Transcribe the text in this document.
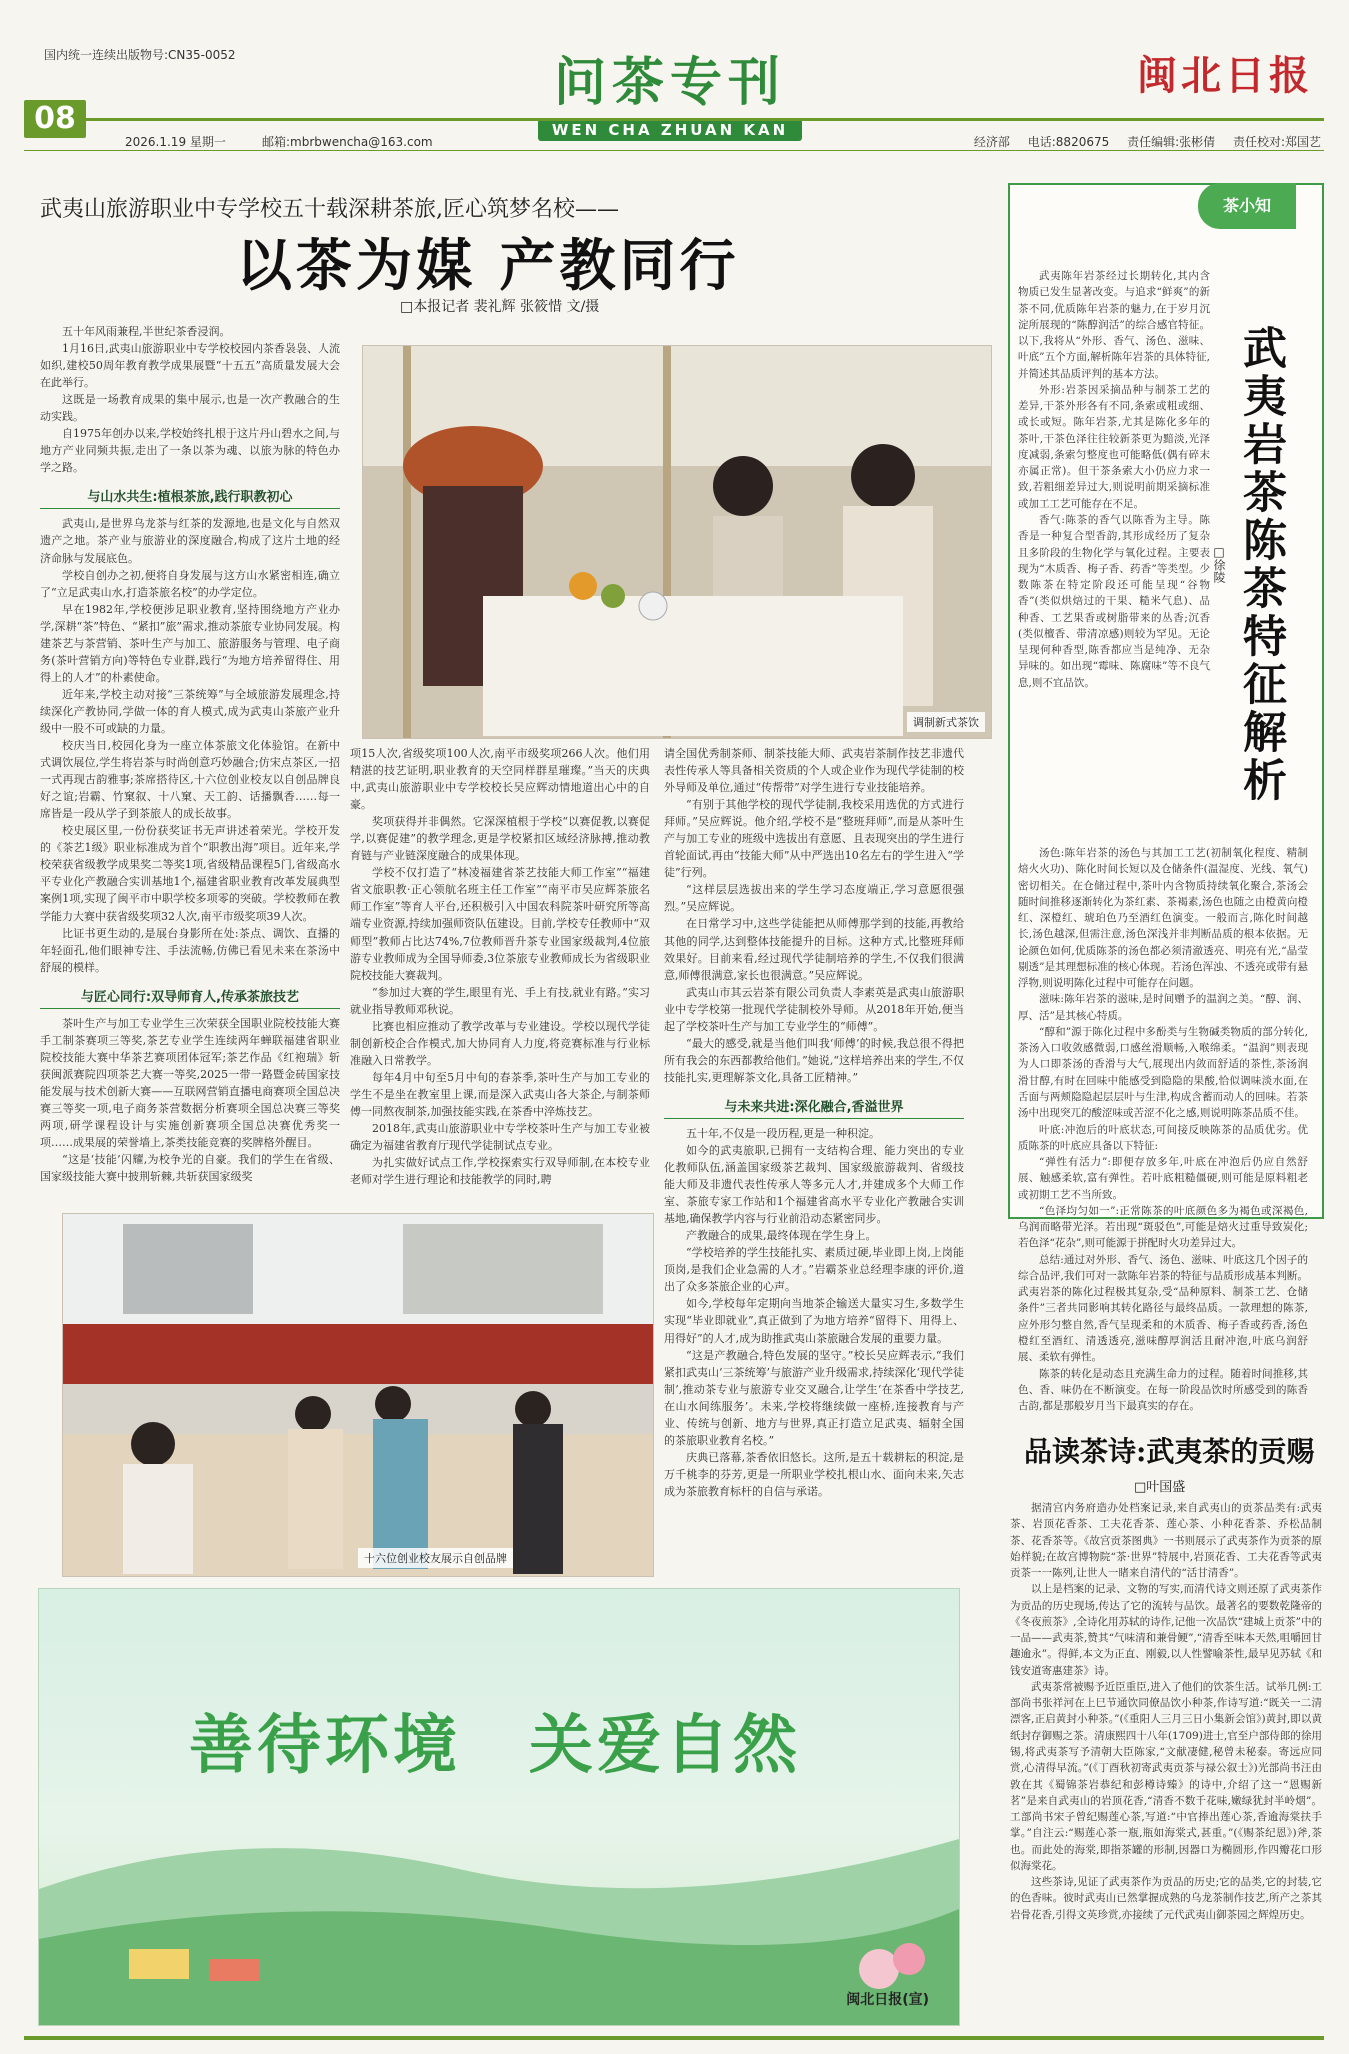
国内统一连续出版物号:CN35-0052	问茶专刊
WEN CHA ZHUAN KAN
闽北日报
08
2026.1.19 星期一	邮箱:mbrbwencha@163.com	经济部 电话:8820675 责任编辑:张彬倩 责任校对:郑国艺
武夷山旅游职业中专学校五十载深耕茶旅,匠心筑梦名校——
以茶为媒 产教同行
□本报记者 裴礼辉 张筱惜 文/摄
调制新式茶饮

五十年风雨兼程,半世纪茶香浸润。

1月16日,武夷山旅游职业中专学校校园内茶香袅袅、人流如织,建校50周年教育教学成果展暨“十五五”高质量发展大会在此举行。

这既是一场教育成果的集中展示,也是一次产教融合的生动实践。

自1975年创办以来,学校始终扎根于这片丹山碧水之间,与地方产业同频共振,走出了一条以茶为魂、以旅为脉的特色办学之路。

与山水共生:植根茶旅,践行职教初心

武夷山,是世界乌龙茶与红茶的发源地,也是文化与自然双遗产之地。茶产业与旅游业的深度融合,构成了这片土地的经济命脉与发展底色。

学校自创办之初,便将自身发展与这方山水紧密相连,确立了“立足武夷山水,打造茶旅名校”的办学定位。

早在1982年,学校便涉足职业教育,坚持围绕地方产业办学,深耕“茶”特色、“紧扣”旅”需求,推动茶旅专业协同发展。构建茶艺与茶营销、茶叶生产与加工、旅游服务与管理、电子商务(茶叶营销方向)等特色专业群,践行“为地方培养留得住、用得上的人才”的朴素使命。

近年来,学校主动对接“三茶统筹”与全域旅游发展理念,持续深化产教协同,学做一体的育人模式,成为武夷山茶旅产业升级中一股不可或缺的力量。

校庆当日,校园化身为一座立体茶旅文化体验馆。在新中式调饮展位,学生将岩茶与时尚创意巧妙融合;仿宋点茶区,一招一式再现古韵雅事;茶席搭待区,十六位创业校友以自创品牌良好之谊;岩霸、竹窠叙、十八窠、天工韵、话播飘香……每一席皆是一段从学子到茶旅人的成长故事。

校史展区里,一份份获奖证书无声讲述着荣光。学校开发的《茶艺1级》职业标准成为首个“职教出海”项目。近年来,学校荣获省级教学成果奖二等奖1项,省级精品课程5门,省级高水平专业化产教融合实训基地1个,福建省职业教育改革发展典型案例1项,实现了闽平市中职学校多项零的突破。学校教师在教学能力大赛中获省级奖项32人次,南平市级奖项39人次。

比证书更生动的,是展台身影所在处:茶点、调饮、直播的年轻面孔,他们眼神专注、手法流畅,仿佛已看见未来在茶汤中舒展的模样。

与匠心同行:双导师育人,传承茶旅技艺

茶叶生产与加工专业学生三次荣获全国职业院校技能大赛手工制茶赛项三等奖,茶艺专业学生连续两年蝉联福建省职业院校技能大赛中华茶艺赛项团体冠军;茶艺作品《红袍瑞》斩获闽派赛院四项茶艺大赛一等奖,2025一带一路暨金砖国家技能发展与技术创新大赛——互联网营销直播电商赛项全国总决赛三等奖一项,电子商务茶营数据分析赛项全国总决赛三等奖两项,研学课程设计与实施创新赛项全国总决赛优秀奖一项……成果展的荣誉墙上,茶类技能竞赛的奖牌格外醒目。

“这是‘技能’闪耀,为校争光的自豪。我们的学生在省级、国家级技能大赛中披荆斩棘,共斩获国家级奖

项15人次,省级奖项100人次,南平市级奖项266人次。他们用精湛的技艺证明,职业教育的天空同样群星璀璨。”当天的庆典中,武夷山旅游职业中专学校校长吴应辉动情地道出心中的自豪。

奖项获得并非偶然。它深深植根于学校“以赛促教,以赛促学,以赛促建”的教学理念,更是学校紧扣区域经济脉搏,推动教育链与产业链深度融合的成果体现。

学校不仅打造了“林凌福建省茶艺技能大师工作室”“福建省文旅职教·正心领航名班主任工作室”“南平市吴应辉茶旅名师工作室”等育人平台,还积极引入中国农科院茶叶研究所等高端专业资源,持续加强师资队伍建设。目前,学校专任教师中“双师型”教师占比达74%,7位教师晋升茶专业国家级裁判,4位旅游专业教师成为全国导师委,3位茶旅专业教师成长为省级职业院校技能大赛裁判。

“参加过大赛的学生,眼里有光、手上有技,就业有路。”实习就业指导教师邓秋说。

比赛也相应推动了教学改革与专业建设。学校以现代学徒制创新校企合作模式,加大协同育人力度,将竞赛标准与行业标准融入日常教学。

每年4月中旬至5月中旬的春茶季,茶叶生产与加工专业的学生不是坐在教室里上课,而是深入武夷山各大茶企,与制茶师傅一同熬夜制茶,加强技能实践,在茶香中淬炼技艺。

2018年,武夷山旅游职业中专学校茶叶生产与加工专业被确定为福建省教育厅现代学徒制试点专业。

为扎实做好试点工作,学校探索实行双导师制,在本校专业老师对学生进行理论和技能教学的同时,聘

请全国优秀制茶师、制茶技能大师、武夷岩茶制作技艺非遗代表性传承人等具备相关资质的个人或企业作为现代学徒制的校外导师及单位,通过“传帮带”对学生进行专业技能培养。

“有别于其他学校的现代学徒制,我校采用选优的方式进行拜师。”吴应辉说。他介绍,学校不是“整班拜师”,而是从茶叶生产与加工专业的班级中选拔出有意愿、且表现突出的学生进行首轮面试,再由“技能大师”从中严选出10名左右的学生进入“学徒”行列。

“这样层层选拔出来的学生学习态度端正,学习意愿很强烈。”吴应辉说。

在日常学习中,这些学徒能把从师傅那学到的技能,再教给其他的同学,达到整体技能提升的目标。这种方式,比整班拜师效果好。目前来看,经过现代学徒制培养的学生,不仅我们很满意,师傅很满意,家长也很满意。”吴应辉说。

武夷山市其云岩茶有限公司负责人李素英是武夷山旅游职业中专学校第一批现代学徒制校外导师。从2018年开始,便当起了学校茶叶生产与加工专业学生的“师傅”。

“最大的感受,就是当他们叫我‘师傅’的时候,我总很不得把所有我会的东西都教给他们。”她说,“这样培养出来的学生,不仅技能扎实,更理解茶文化,具备工匠精神。”

与未来共进:深化融合,香溢世界

五十年,不仅是一段历程,更是一种积淀。

如今的武夷旅职,已拥有一支结构合理、能力突出的专业化教师队伍,涵盖国家级茶艺裁判、国家级旅游裁判、省级技能大师及非遗代表性传承人等多元人才,并建成多个大师工作室、茶旅专家工作站和1个福建省高水平专业化产教融合实训基地,确保教学内容与行业前沿动态紧密同步。

产教融合的成果,最终体现在学生身上。

“学校培养的学生技能扎实、素质过硬,毕业即上岗,上岗能顶岗,是我们企业急需的人才。”岩霸茶业总经理李康的评价,道出了众多茶旅企业的心声。

如今,学校每年定期向当地茶企输送大量实习生,多数学生实现“毕业即就业”,真正做到了为地方培养“留得下、用得上、用得好”的人才,成为助推武夷山茶旅融合发展的重要力量。

“这是产教融合,特色发展的坚守。”校长吴应辉表示,“我们紧扣武夷山‘三茶统筹’与旅游产业升级需求,持续深化‘现代学徒制’,推动茶专业与旅游专业交叉融合,让学生‘在茶香中学技艺,在山水间练服务’。未来,学校将继续做一座桥,连接教育与产业、传统与创新、地方与世界,真正打造立足武夷、辐射全国的茶旅职业教育名校。”

庆典已落幕,茶香依旧悠长。这所,是五十载耕耘的积淀,是万千桃李的芬芳,更是一所职业学校扎根山水、面向未来,矢志成为茶旅教育标杆的自信与承诺。

十六位创业校友展示自创品牌
茶小知
武夷岩茶陈茶特征解析
□徐陵

武夷陈年岩茶经过长期转化,其内含物质已发生显著改变。与追求“鲜爽”的新茶不同,优质陈年岩茶的魅力,在于岁月沉淀所展现的“陈醇润活”的综合感官特征。以下,我将从“外形、香气、汤色、滋味、叶底”五个方面,解析陈年岩茶的具体特征,并简述其品质评判的基本方法。

外形:岩茶因采摘品种与制茶工艺的差异,干茶外形各有不同,条索或粗或细、或长或短。陈年岩茶,尤其是陈化多年的茶叶,干茶色泽往往较新茶更为黯淡,光泽度减弱,条索匀整度也可能略低(偶有碎末亦属正常)。但干茶条索大小仍应力求一致,若粗细差异过大,则说明前期采摘标准或加工工艺可能存在不足。

香气:陈茶的香气以陈香为主导。陈香是一种复合型香韵,其形成经历了复杂且多阶段的生物化学与氧化过程。主要表现为“木质香、梅子香、药香”等类型。少数陈茶在特定阶段还可能呈现“谷物香”(类似烘焙过的干果、糙米气息)、品种香、工艺果香或树脂带来的丛香;沉香(类似檀香、带清凉感)则较为罕见。无论呈现何种香型,陈香都应当是纯净、无杂异味的。如出现“霉味、陈腐味”等不良气息,则不宜品饮。

汤色:陈年岩茶的汤色与其加工工艺(初制氧化程度、精制焙火火功)、陈化时间长短以及仓储条件(温湿度、光线、氧气)密切相关。在仓储过程中,茶叶内含物质持续氧化聚合,茶汤会随时间推移逐渐转化为茶红素、茶褐素,汤色也随之由橙黄向橙红、深橙红、琥珀色乃至酒红色演变。一般而言,陈化时间越长,汤色越深,但需注意,汤色深浅并非判断品质的根本依据。无论颜色如何,优质陈茶的汤色都必须清澈透亮、明亮有光,“晶莹剔透”是其理想标准的核心体现。若汤色浑浊、不透亮或带有悬浮物,则说明陈化过程中可能存在问题。

滋味:陈年岩茶的滋味,是时间赠予的温润之美。“醇、润、厚、活”是其核心特质。

“醇和”源于陈化过程中多酚类与生物碱类物质的部分转化,茶汤入口收敛感微弱,口感丝滑顺畅,入喉绵柔。“温润”则表现为人口即茶汤的香滑与大气,展现出内敛而舒适的茶性,茶汤润滑甘醇,有时在回味中能感受到隐隐的果酸,恰似调味淡水面,在舌面与两颊隐隐起层层叶与生津,构成含蓄而动人的回味。若茶汤中出现突兀的酸涩味或苦涩不化之感,则说明陈茶品质不佳。

叶底:冲泡后的叶底状态,可间接反映陈茶的品质优劣。优质陈茶的叶底应具备以下特征:

“弹性有活力”:即便存放多年,叶底在冲泡后仍应自然舒展、触感柔软,富有弹性。若叶底粗糙僵硬,则可能是原料粗老或初期工艺不当所致。

“色泽均匀如一”:正常陈茶的叶底颜色多为褐色或深褐色,乌润而略带光泽。若出现“斑驳色”,可能是焙火过重导致炭化;若色泽“花杂”,则可能源于拼配时火功差异过大。

总结:通过对外形、香气、汤色、滋味、叶底这几个因子的综合品评,我们可对一款陈年岩茶的特征与品质形成基本判断。武夷岩茶的陈化过程极其复杂,受“品种原料、制茶工艺、仓储条件”三者共同影响其转化路径与最终品质。一款理想的陈茶,应外形匀整自然,香气呈现柔和的木质香、梅子香或药香,汤色橙红至酒红、清透透亮,滋味醇厚润活且耐冲泡,叶底乌润舒展、柔软有弹性。

陈茶的转化是动态且充满生命力的过程。随着时间推移,其色、香、味仍在不断演变。在每一阶段品饮时所感受到的陈香古韵,都是那般岁月当下最真实的存在。

品读茶诗:武夷茶的贡赐
□叶国盛

据清宫内务府造办处档案记录,来自武夷山的贡茶品类有:武夷茶、岩顶花香茶、工夫花香茶、莲心茶、小种花香茶、乔松品制茶、花香茶等。《故宫贡茶图典》一书则展示了武夷茶作为贡茶的原始样貌;在故宫博物院“茶·世界”特展中,岩顶花香、工夫花香等武夷贡茶一一陈列,让世人一睹来自清代的“活甘清香”。

以上是档案的记录、文物的写实,而清代诗文则还原了武夷茶作为贡品的历史现场,传达了它的流转与品饮。最著名的要数乾隆帝的《冬夜煎茶》,全诗化用苏轼的诗作,记他一次品饮“建城上贡茶”中的一品——武夷茶,赞其“气味清和兼骨鲠”,“清香至味本天然,咀嚼回甘趣逾永”。得鲜,本文为正直、刚毅,以人性譬喻茶性,最早见苏轼《和钱安道寄惠建茶》诗。

武夷茶常被赐予近臣重臣,进入了他们的饮茶生活。试举几例:工部尚书张祥河在上巳节通饮同僚品饮小种茶,作诗写道:“既关一二清漂客,正启黄封小种茶。”(《重阳人三月三日小集新会馆》)黄封,即以黄纸封存御赐之茶。清康熙四十八年(1709)进士,官至户部侍郎的徐用锡,将武夷茶写予清朝大臣陈家,“文献凄健,秘曾未秘泰。寄远应同赏,心清得早流。”(《丁酉秋初寄武夷贡茶与禄公叙士》)光部尚书汪由敦在其《蜀锦茶岩恭纪和彭樽诗臻》的诗中,介绍了这一“恩赐新茗”是来自武夷山的岩顶花香,“清香不数千花味,嫩绿犹封半岭烟”。工部尚书宋子曾纪赐莲心茶,写道:“中官捧出莲心茶,香逾海棠扶手掌。”自注云:“赐莲心茶一瓶,瓶如海棠式,甚重。”(《赐茶纪恩》)斧,茶也。而此处的海棠,即指茶罐的形制,因器口为椭圆形,作四瓣花口形似海棠花。

这些茶诗,见证了武夷茶作为贡品的历史;它的品类,它的封装,它的色香味。彼时武夷山已然掌握成熟的乌龙茶制作技艺,所产之茶其岩骨花香,引得文英珍赏,亦接续了元代武夷山御茶园之辉煌历史。

善待环境 关爱自然
闽北日报(宣)
